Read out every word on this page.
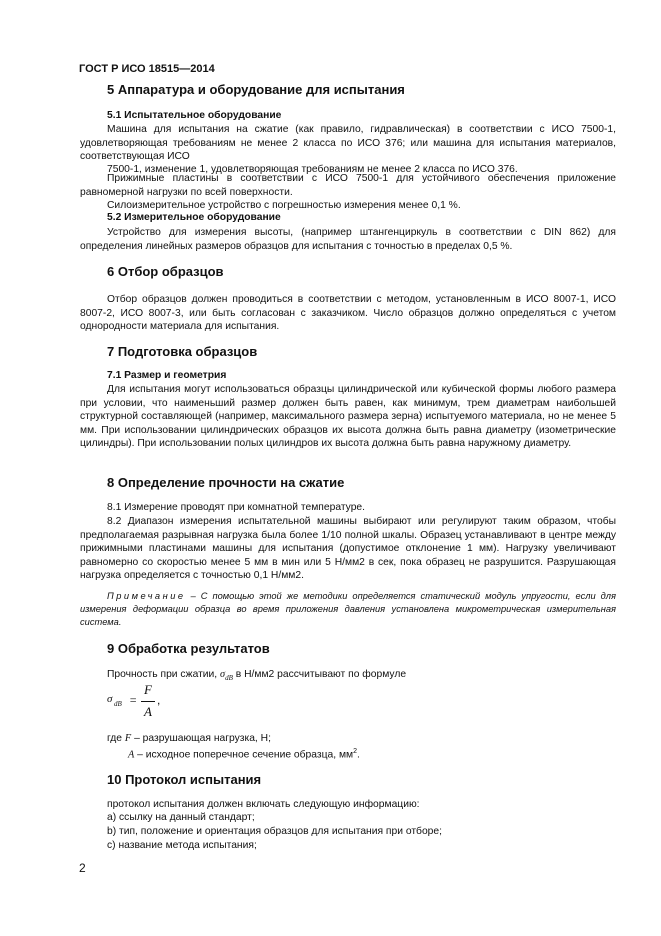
ГОСТ Р ИСО 18515—2014
5 Аппаратура и оборудование для испытания
5.1 Испытательное оборудование
Машина для испытания на сжатие (как правило, гидравлическая) в соответствии с ИСО 7500-1, удовлетворяющая требованиям не менее 2 класса по ИСО 376; или машина для испытания материалов, соответствующая ИСО
7500-1, изменение 1, удовлетворяющая требованиям не менее 2 класса по ИСО 376.
Прижимные пластины в соответствии с ИСО 7500-1 для устойчивого обеспечения приложение равномерной нагрузки по всей поверхности.
Силоизмерительное устройство с погрешностью измерения менее 0,1 %.
5.2 Измерительное оборудование
Устройство для измерения высоты, (например штангенциркуль в соответствии с DIN 862) для определения линейных размеров образцов для испытания с точностью в пределах 0,5 %.
6 Отбор образцов
Отбор образцов должен проводиться в соответствии с методом, установленным в ИСО 8007-1, ИСО 8007-2, ИСО 8007-3, или быть согласован с заказчиком. Число образцов должно определяться с учетом однородности материала для испытания.
7 Подготовка образцов
7.1 Размер и геометрия
Для испытания могут использоваться образцы цилиндрической или кубической формы любого размера при условии, что наименьший размер должен быть равен, как минимум, трем диаметрам наибольшей структурной составляющей (например, максимального размера зерна) испытуемого материала, но не менее 5 мм. При использовании цилиндрических образцов их высота должна быть равна диаметру (изометрические цилиндры). При использовании полых цилиндров их высота должна быть равна наружному диаметру.
8 Определение прочности на сжатие
8.1 Измерение проводят при комнатной температуре.
8.2 Диапазон измерения испытательной машины выбирают или регулируют таким образом, чтобы предполагаемая разрывная нагрузка была более 1/10 полной шкалы. Образец устанавливают в центре между прижимными пластинами машины для испытания (допустимое отклонение 1 мм). Нагрузку увеличивают равномерно со скоростью менее 5 мм в мин или 5 Н/мм2 в сек, пока образец не разрушится. Разрушающая нагрузка определяется с точностью 0,1 Н/мм2.
Примечание – С помощью этой же методики определяется статический модуль упругости, если для измерения деформации образца во время приложения давления установлена микрометрическая измерительная система.
9 Обработка результатов
Прочность при сжатии, $\sigma_{dB}$ в Н/мм2 рассчитывают по формуле
σ dB =
F
A
,
где F – разрушающая нагрузка, Н;
A – исходное поперечное сечение образца, $мм^2$.
10 Протокол испытания
протокол испытания должен включать следующую информацию:
а) ссылку на данный стандарт;
b) тип, положение и ориентация образцов для испытания при отборе;
c) название метода испытания;
2
